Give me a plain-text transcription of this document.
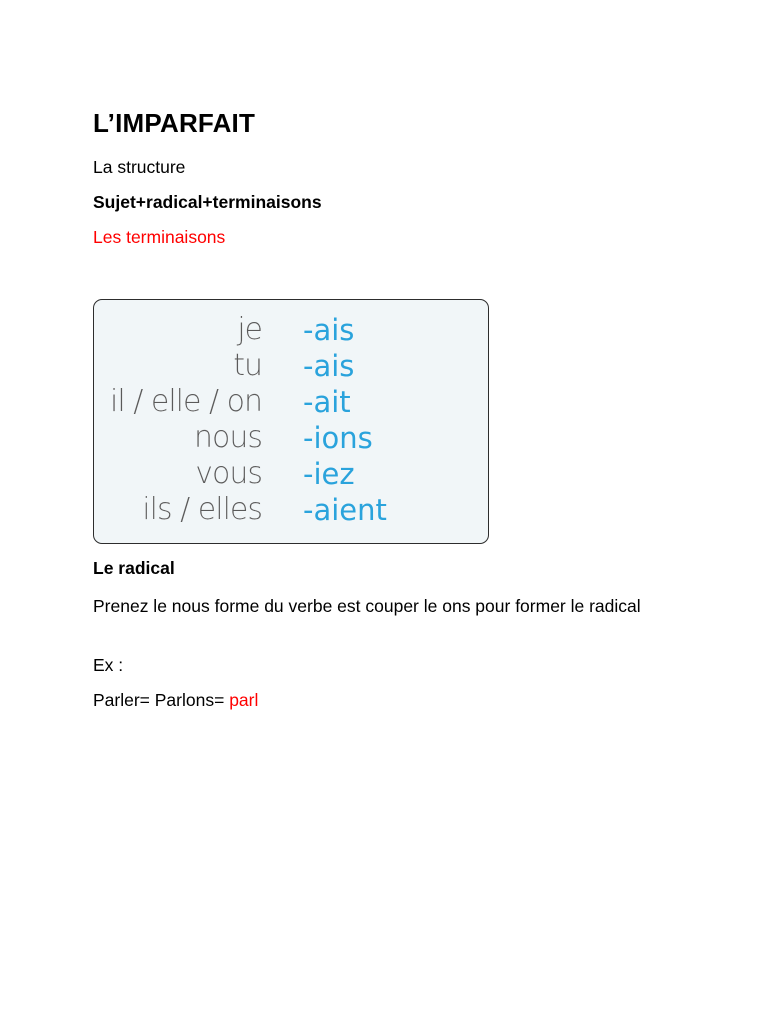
L’IMPARFAIT
La structure
Sujet+radical+terminaisons
Les terminaisons
je -ais
tu -ais
il / elle / on -ait
nous -ions
vous -iez
ils / elles -aient
Le radical
Prenez le nous forme du verbe est couper le ons pour former le radical
Ex :
Parler= Parlons= parl
